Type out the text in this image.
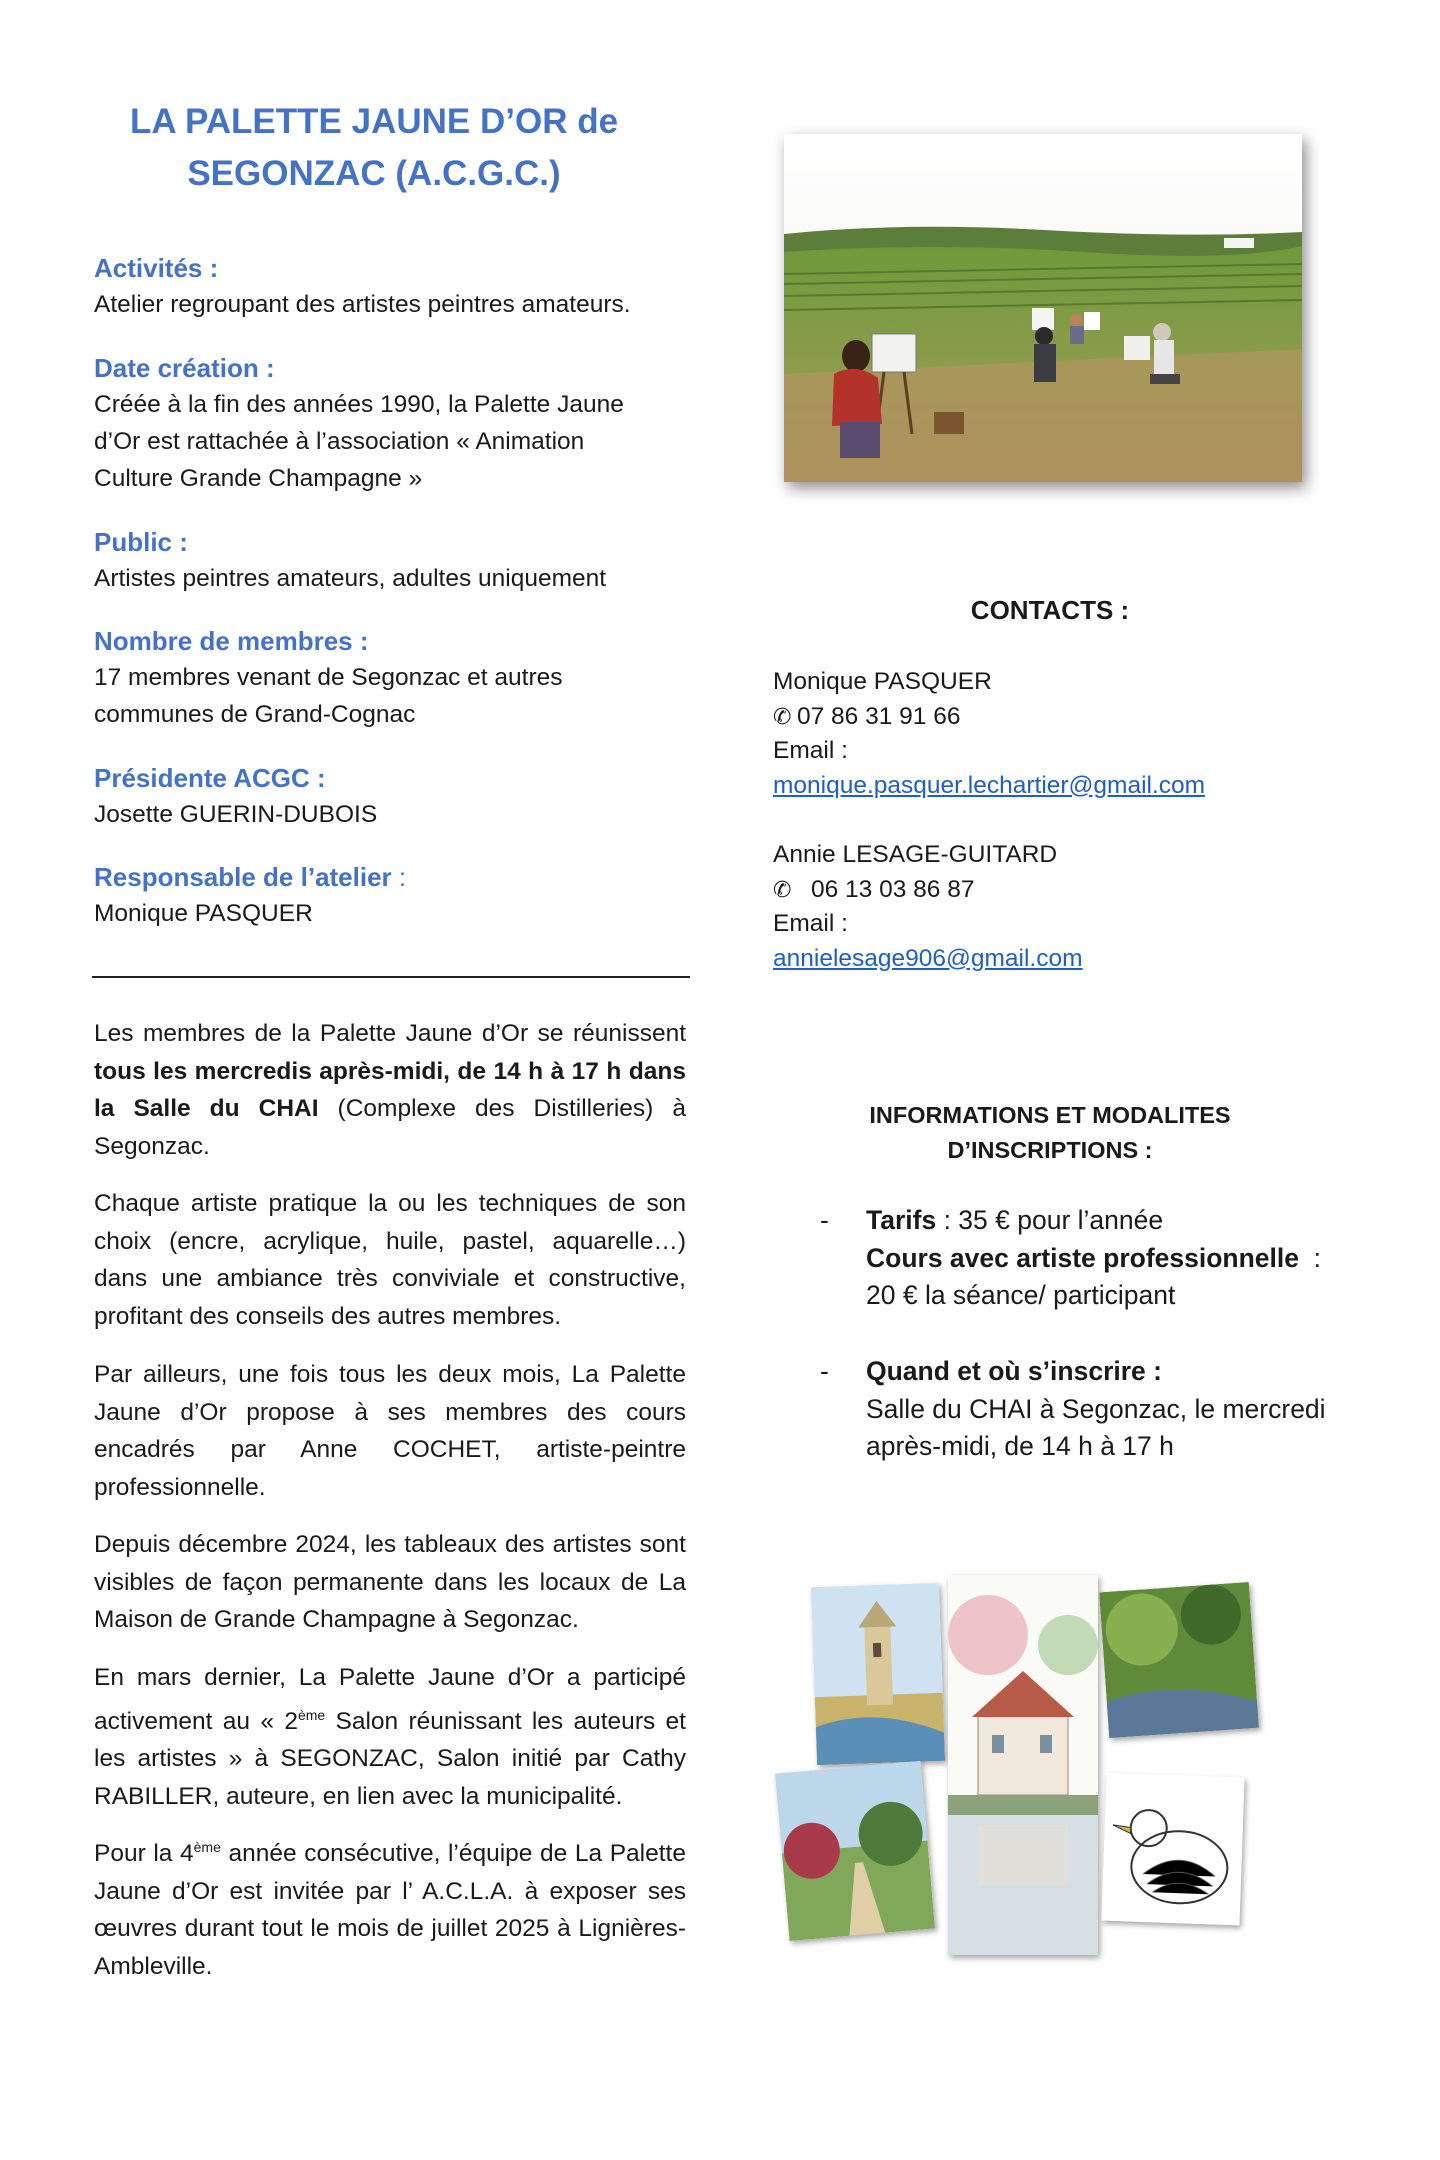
LA PALETTE JAUNE D’OR de
SEGONZAC (A.C.G.C.)
Activités :
Atelier regroupant des artistes peintres amateurs.
Date création :
Créée à la fin des années 1990, la Palette Jaune
d’Or est rattachée à l’association « Animation
Culture Grande Champagne »
Public :
Artistes peintres amateurs, adultes uniquement
Nombre de membres :
17 membres venant de Segonzac et autres
communes de Grand-Cognac
Présidente ACGC :
Josette GUERIN-DUBOIS
Responsable de l’atelier :
Monique PASQUER
Les membres de la Palette Jaune d’Or se réunissent tous les mercredis après-midi, de 14 h à 17 h dans la Salle du CHAI (Complexe des Distilleries) à Segonzac.
Chaque artiste pratique la ou les techniques de son choix (encre, acrylique, huile, pastel, aquarelle…) dans une ambiance très conviviale et constructive, profitant des conseils des autres membres.
Par ailleurs, une fois tous les deux mois, La Palette Jaune d’Or propose à ses membres des cours encadrés par Anne COCHET, artiste-peintre professionnelle.
Depuis décembre 2024, les tableaux des artistes sont visibles de façon permanente dans les locaux de La Maison de Grande Champagne à Segonzac.
En mars dernier, La Palette Jaune d’Or a participé activement au « 2ème Salon réunissant les auteurs et les artistes » à SEGONZAC, Salon initié par Cathy RABILLER, auteure, en lien avec la municipalité.
Pour la 4ème année consécutive, l’équipe de La Palette Jaune d’Or est invitée par l’ A.C.L.A. à exposer ses œuvres durant tout le mois de juillet 2025 à Lignières-Ambleville.
CONTACTS :
Monique PASQUER
✆ 07 86 31 91 66
Email :
monique.pasquer.lechartier@gmail.com
Annie LESAGE-GUITARD
✆ 06 13 03 86 87
Email :
annielesage906@gmail.com
INFORMATIONS ET MODALITES
D’INSCRIPTIONS :
- Tarifs : 35 € pour l’année
Cours avec artiste professionnelle :
20 € la séance/ participant
- Quand et où s’inscrire :
Salle du CHAI à Segonzac, le mercredi
après-midi, de 14 h à 17 h
